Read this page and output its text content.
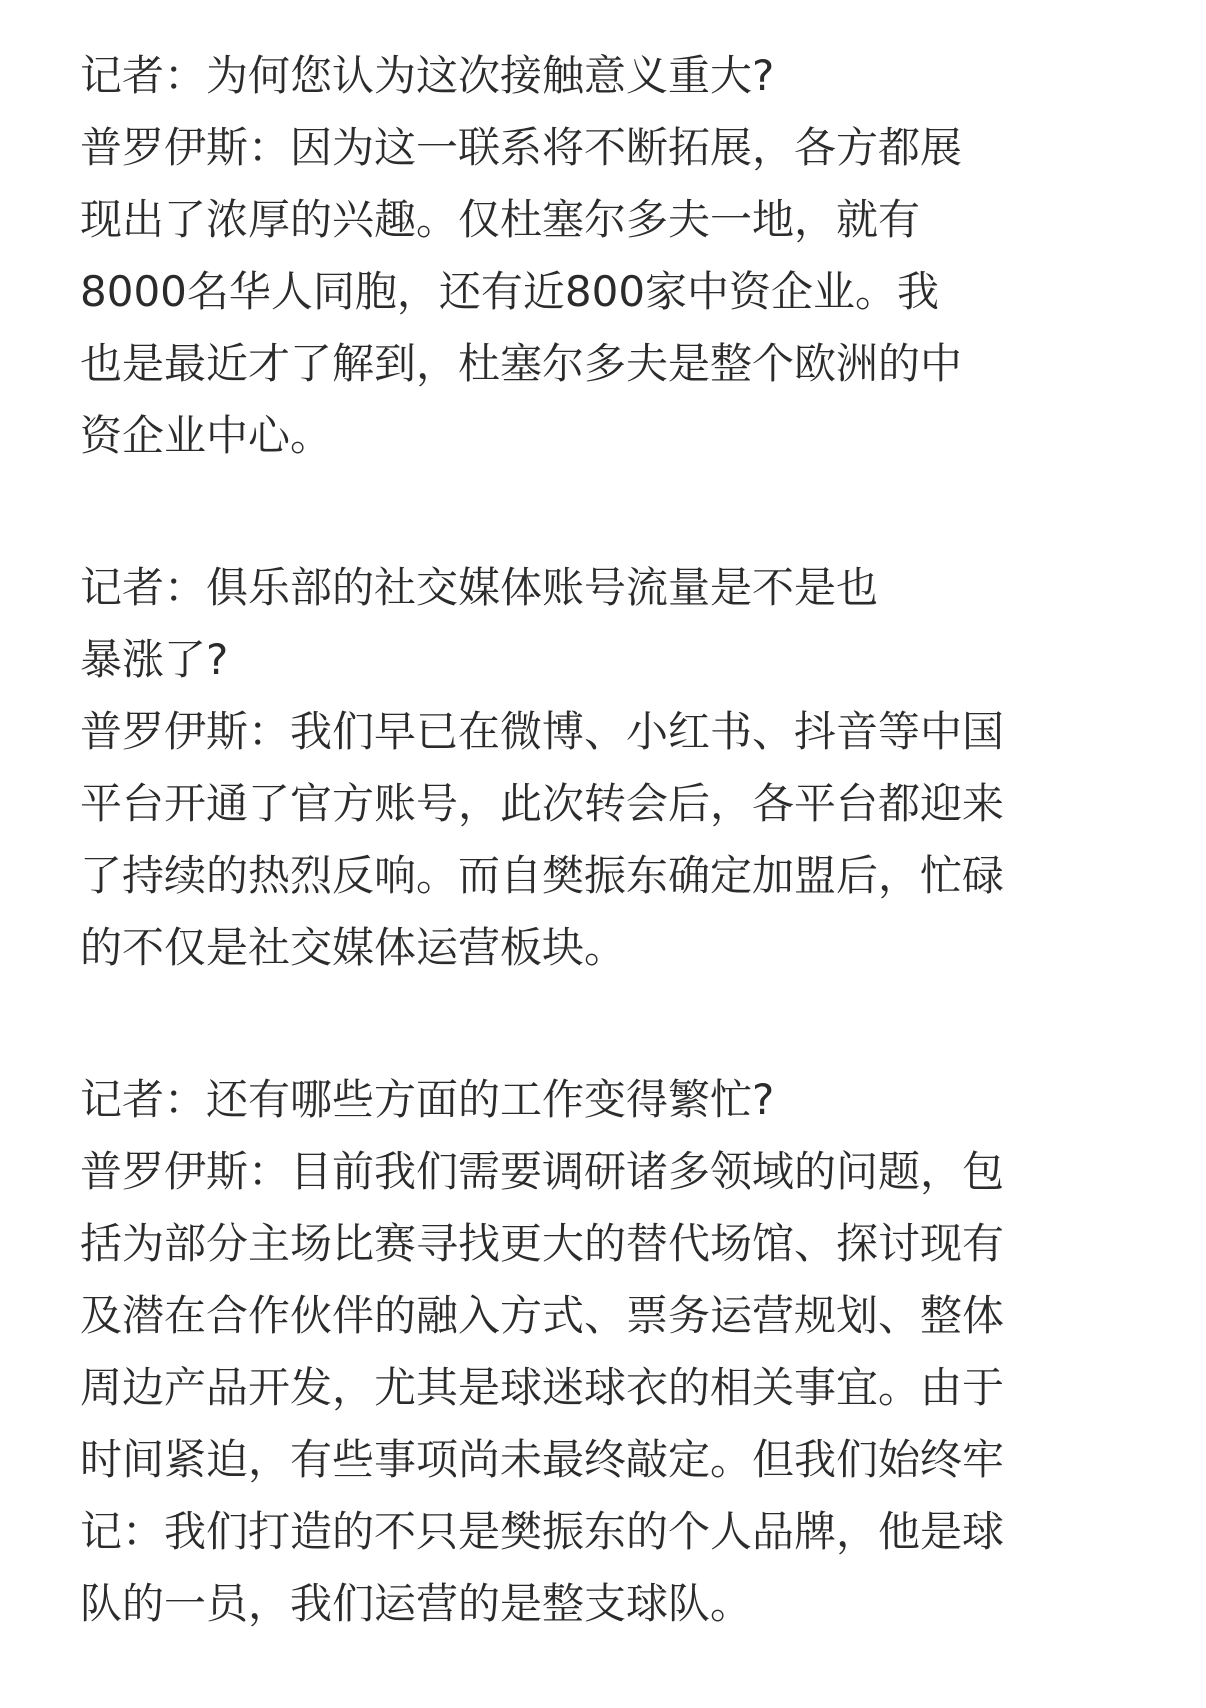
记者：为何您认为这次接触意义重大?
普罗伊斯：因为这一联系将不断拓展，各方都展
现出了浓厚的兴趣。仅杜塞尔多夫一地，就有
8000名华人同胞，还有近800家中资企业。我
也是最近才了解到，杜塞尔多夫是整个欧洲的中
资企业中心。
记者：俱乐部的社交媒体账号流量是不是也
暴涨了?
普罗伊斯：我们早已在微博、小红书、抖音等中国
平台开通了官方账号，此次转会后，各平台都迎来
了持续的热烈反响。而自樊振东确定加盟后，忙碌
的不仅是社交媒体运营板块。
记者：还有哪些方面的工作变得繁忙?
普罗伊斯：目前我们需要调研诸多领域的问题，包
括为部分主场比赛寻找更大的替代场馆、探讨现有
及潜在合作伙伴的融入方式、票务运营规划、整体
周边产品开发，尤其是球迷球衣的相关事宜。由于
时间紧迫，有些事项尚未最终敲定。但我们始终牢
记：我们打造的不只是樊振东的个人品牌，他是球
队的一员，我们运营的是整支球队。
